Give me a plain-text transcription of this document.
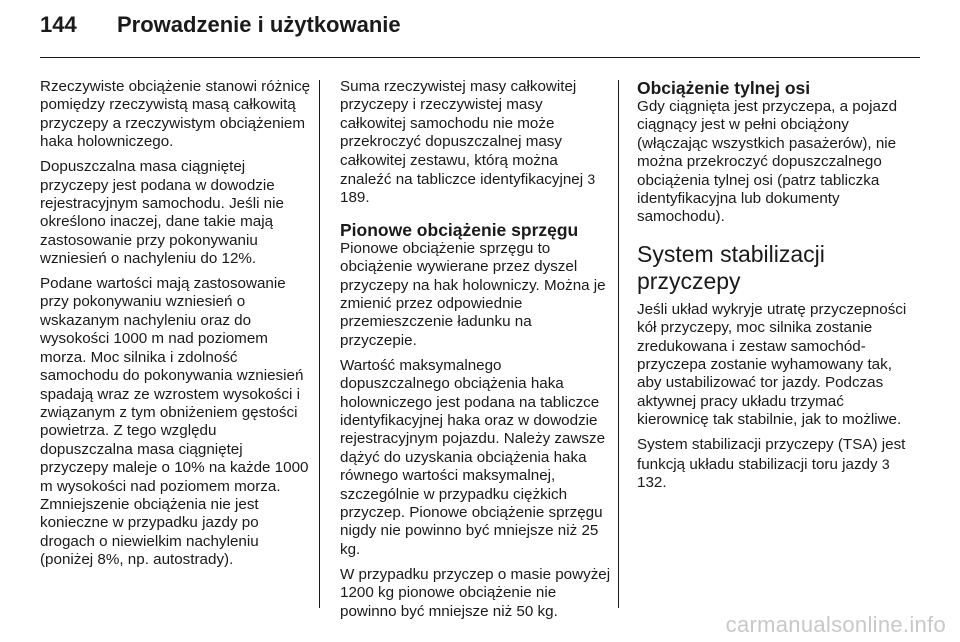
144	Prowadzenie i użytkowanie

Rzeczywiste obciążenie stanowi różnicę pomiędzy rzeczywistą masą całkowitą przyczepy a rzeczywistym obciążeniem haka holowniczego.

Dopuszczalna masa ciągniętej przyczepy jest podana w dowodzie rejestracyjnym samochodu. Jeśli nie określono inaczej, dane takie mają zastosowanie przy pokonywaniu wzniesień o nachyleniu do 12%.

Podane wartości mają zastosowanie przy pokonywaniu wzniesień o wskazanym nachyleniu oraz do wysokości 1000 m nad poziomem morza. Moc silnika i zdolność samochodu do pokonywania wzniesień spadają wraz ze wzrostem wysokości i związanym z tym obniżeniem gęstości powietrza. Z tego względu dopuszczalna masa ciągniętej przyczepy maleje o 10% na każde 1000 m wysokości nad poziomem morza. Zmniejszenie obciążenia nie jest konieczne w przypadku jazdy po drogach o niewielkim nachyleniu (poniżej 8%, np. autostrady).

Suma rzeczywistej masy całkowitej przyczepy i rzeczywistej masy całkowitej samochodu nie może przekroczyć dopuszczalnej masy całkowitej zestawu, którą można znaleźć na tabliczce identyfikacyjnej 3 189.

Pionowe obciążenie sprzęgu

Pionowe obciążenie sprzęgu to obciążenie wywierane przez dyszel przyczepy na hak holowniczy. Można je zmienić przez odpowiednie przemieszczenie ładunku na przyczepie.

Wartość maksymalnego dopuszczalnego obciążenia haka holowniczego jest podana na tabliczce identyfikacyjnej haka oraz w dowodzie rejestracyjnym pojazdu. Należy zawsze dążyć do uzyskania obciążenia haka równego wartości maksymalnej, szczególnie w przypadku ciężkich przyczep. Pionowe obciążenie sprzęgu nigdy nie powinno być mniejsze niż 25 kg.

W przypadku przyczep o masie powyżej 1200 kg pionowe obciążenie nie powinno być mniejsze niż 50 kg.

Obciążenie tylnej osi

Gdy ciągnięta jest przyczepa, a pojazd ciągnący jest w pełni obciążony (włączając wszystkich pasażerów), nie można przekroczyć dopuszczalnego obciążenia tylnej osi (patrz tabliczka identyfikacyjna lub dokumenty samochodu).

System stabilizacji przyczepy

Jeśli układ wykryje utratę przyczepności kół przyczepy, moc silnika zostanie zredukowana i zestaw samochód-przyczepa zostanie wyhamowany tak, aby ustabilizować tor jazdy. Podczas aktywnej pracy układu trzymać kierownicę tak stabilnie, jak to możliwe.

System stabilizacji przyczepy (TSA) jest funkcją układu stabilizacji toru jazdy 3 132.

carmanualsonline.info
